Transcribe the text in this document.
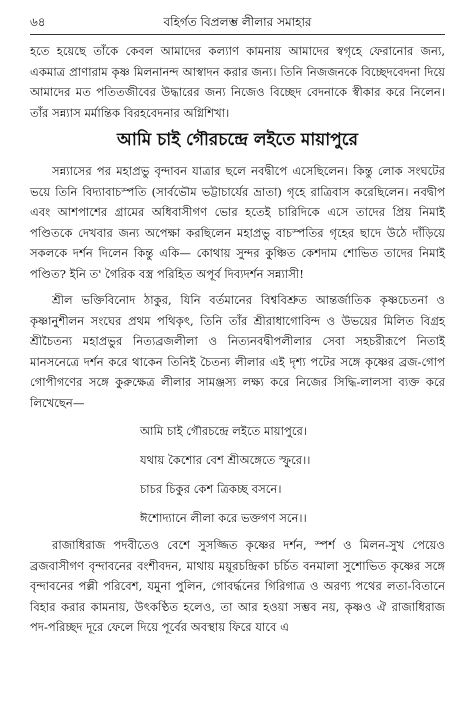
৬৪	বহির্গত বিপ্রলম্ভ লীলার সমাহার

হতে হয়েছে তাঁকে কেবল আমাদের কল্যাণ কামনায় আমাদের স্বগৃহে ফেরানোর জন্য, একমাত্র প্রাণারাম কৃষ্ণ মিলনানন্দ আস্বাদন করার জন্য। তিনি নিজজনকে বিচ্ছেদবেদনা দিয়ে আমাদের মত পতিতজীবের উদ্ধারের জন্য নিজেও বিচ্ছেদ বেদনাকে স্বীকার করে নিলেন। তাঁর সন্ন্যাস মর্মান্তিক বিরহবেদনার অগ্নিশিখা।

আমি চাই গৌরচন্দ্রে লইতে মায়াপুরে

সন্ন্যাসের পর মহাপ্রভু বৃন্দাবন যাত্রার ছলে নবদ্বীপে এসেছিলেন। কিন্তু লোক সংঘটের ভয়ে তিনি বিদ্যাবাচস্পতি (সার্বভৌম ভট্টাচার্যের ভ্রাতা) গৃহে রাত্রিবাস করেছিলেন। নবদ্বীপ এবং আশপাশের গ্রামের অধিবাসীগণ ভোর হতেই চারিদিকে এসে তাদের প্রিয় নিমাই পণ্ডিতকে দেখবার জন্য অপেক্ষা করছিলেন মহাপ্রভু বাচস্পতির গৃহের ছাদে উঠে দাঁড়িয়ে সকলকে দর্শন দিলেন কিন্তু একি— কোথায় সুন্দর কুঞ্চিত কেশদাম শোভিত তাদের নিমাই পণ্ডিত? ইনি ত' গৈরিক বস্ত্র পরিহিত অপূর্ব দিব্যদর্শন সন্ন্যাসী!

শ্রীল ভক্তিবিনোদ ঠাকুর, যিনি বর্তমানের বিশ্ববিশ্রুত আন্তর্জাতিক কৃষ্ণচেতনা ও কৃষ্ণানুশীলন সংঘের প্রথম পথিকৃৎ, তিনি তাঁর শ্রীরাধাগোবিন্দ ও উভয়ের মিলিত বিগ্রহ শ্রীচৈতন্য মহাপ্রভুর নিত্যব্রজলীলা ও নিত্যনবদ্বীপলীলার সেবা সহচরীরূপে নিতাই মানসনেত্রে দর্শন করে থাকেন তিনিই চৈতন্য লীলার এই দৃশ্য পটের সঙ্গে কৃষ্ণের ব্রজ-গোপ গোপীগণের সঙ্গে কুরুক্ষেত্র লীলার সামঞ্জস্য লক্ষ্য করে নিজের সিদ্ধি-লালসা ব্যক্ত করে লিখেছেন—

আমি চাই গৌরচন্দ্রে লইতে মায়াপুরে।

যথায় কৈশোর বেশ শ্রীঅঙ্গেতে স্ফুরে।।

চাচর চিকুর কেশ ত্রিকচ্ছ বসনে।

ঈশোদ্যানে লীলা করে ভক্তগণ সনে।।

রাজাধিরাজ পদবীতেও বেশে সুসজ্জিত কৃষ্ণের দর্শন, স্পর্শ ও মিলন-সুখ পেয়েও ব্রজবাসীগণ বৃন্দাবনের বংশীবদন, মাথায় ময়ূরচন্দ্রিকা চর্চিত বনমালা সুশোভিত কৃষ্ণের সঙ্গে বৃন্দাবনের পল্লী পরিবেশ, যমুনা পুলিন, গোবর্দ্ধনের গিরিগাত্র ও অরণ্য পথের লতা-বিতানে বিহার করার কামনায়, উৎকণ্ঠিত হলেও, তা আর হওয়া সম্ভব নয়, কৃষ্ণও ঐ রাজাধিরাজ পদ-পরিচ্ছদ দূরে ফেলে দিয়ে পূর্বের অবস্থায় ফিরে যাবে এ
